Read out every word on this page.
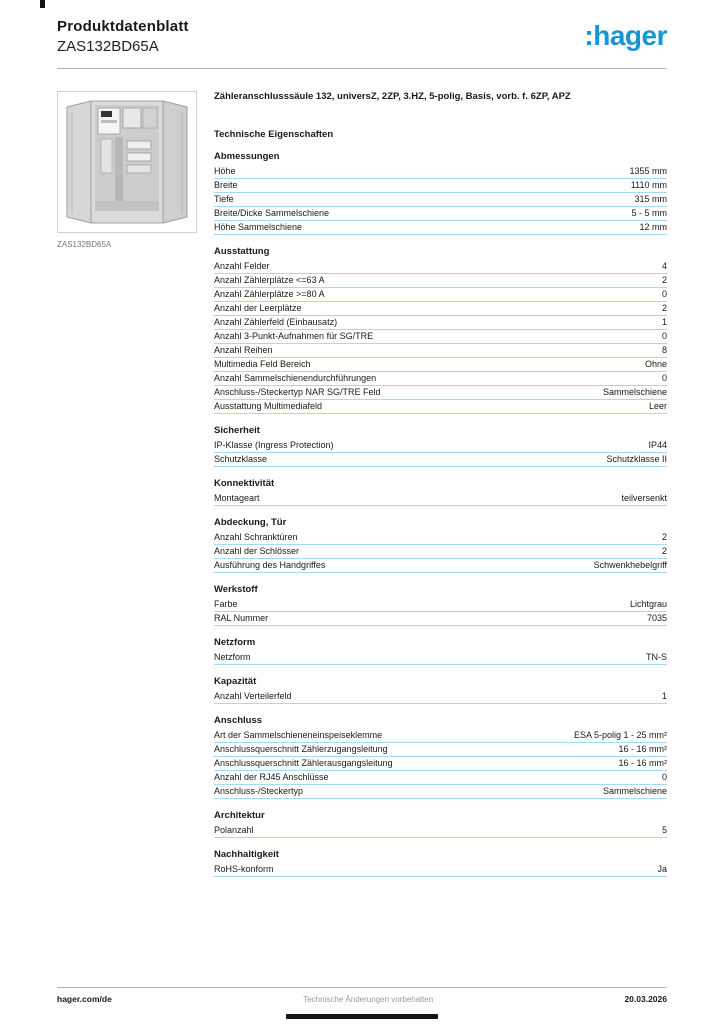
Produktdatenblatt
ZAS132BD65A	:hager
ZAS132BD65A
Zähleranschlusssäule 132, universZ, 2ZP, 3.HZ, 5-polig, Basis, vorb. f. 6ZP, APZ
Technische Eigenschaften
Abmessungen
Höhe	1355 mm
Breite	1110 mm
Tiefe	315 mm
Breite/Dicke Sammelschiene	5 - 5 mm
Höhe Sammelschiene	12 mm
Ausstattung
Anzahl Felder	4
Anzahl Zählerplätze <=63 A	2
Anzahl Zählerplätze >=80 A	0
Anzahl der Leerplätze	2
Anzahl Zählerfeld (Einbausatz)	1
Anzahl 3-Punkt-Aufnahmen für SG/TRE	0
Anzahl Reihen	8
Multimedia Feld Bereich	Ohne
Anzahl Sammelschienendurchführungen	0
Anschluss-/Steckertyp NAR SG/TRE Feld	Sammelschiene
Ausstattung Multimediafeld	Leer
Sicherheit
IP-Klasse (Ingress Protection)	IP44
Schutzklasse	Schutzklasse II
Konnektivität
Montageart	teilversenkt
Abdeckung, Tür
Anzahl Schranktüren	2
Anzahl der Schlösser	2
Ausführung des Handgriffes	Schwenkhebelgriff
Werkstoff
Farbe	Lichtgrau
RAL Nummer	7035
Netzform
Netzform	TN-S
Kapazität
Anzahl Verteilerfeld	1
Anschluss
Art der Sammelschieneneinspeiseklemme	ESA 5-polig 1 - 25 mm²
Anschlussquerschnitt Zählerzugangsleitung	16 - 16 mm²
Anschlussquerschnitt Zählerausgangsleitung	16 - 16 mm²
Anzahl der RJ45 Anschlüsse	0
Anschluss-/Steckertyp	Sammelschiene
Architektur
Polanzahl	5
Nachhaltigkeit
RoHS-konform	Ja
hager.com/de	Technische Änderungen vorbehalten	20.03.2026
